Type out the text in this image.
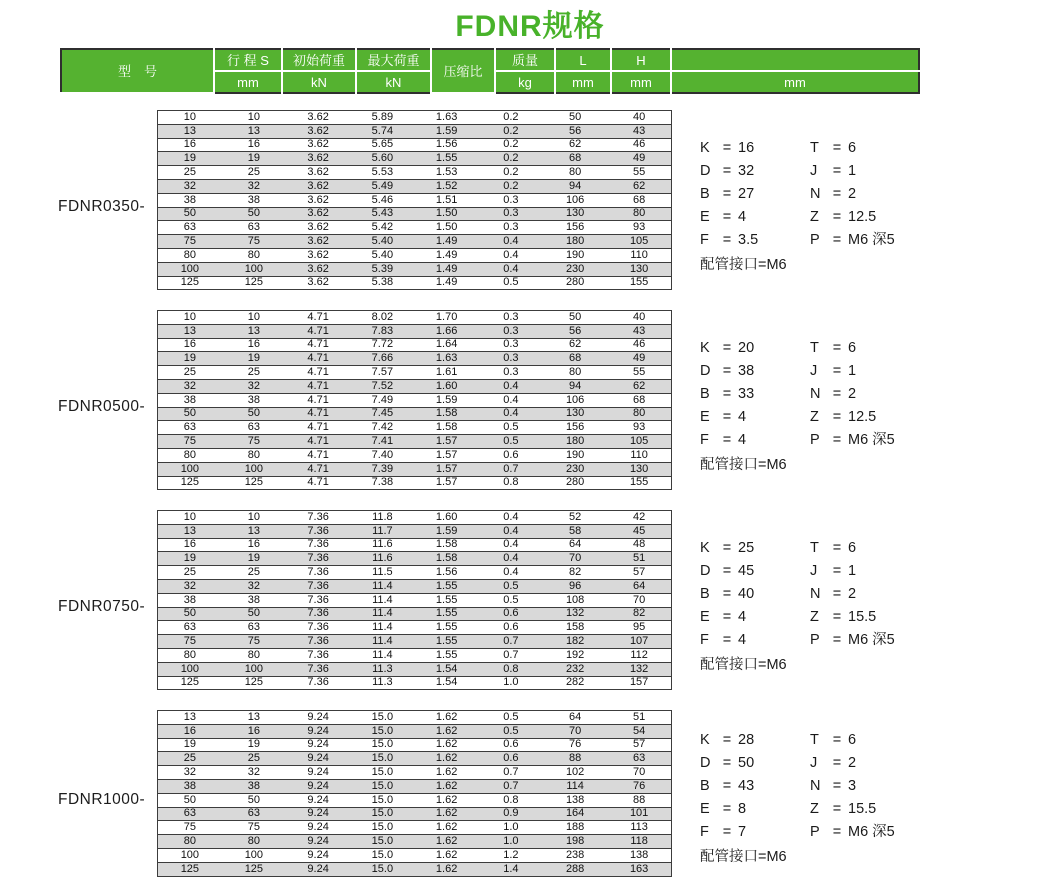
FDNR规格
型　号	行 程 S	初始荷重	最大荷重	压缩比	质量	L	H	
	mm	kN	kN		kg	mm	mm	mm
FDNR0350-
10	10	3.62	5.89	1.63	0.2	50	40
13	13	3.62	5.74	1.59	0.2	56	43
16	16	3.62	5.65	1.56	0.2	62	46
19	19	3.62	5.60	1.55	0.2	68	49
25	25	3.62	5.53	1.53	0.2	80	55
32	32	3.62	5.49	1.52	0.2	94	62
38	38	3.62	5.46	1.51	0.3	106	68
50	50	3.62	5.43	1.50	0.3	130	80
63	63	3.62	5.42	1.50	0.3	156	93
75	75	3.62	5.40	1.49	0.4	180	105
80	80	3.62	5.40	1.49	0.4	190	110
100	100	3.62	5.39	1.49	0.4	230	130
125	125	3.62	5.38	1.49	0.5	280	155
K = 16	T = 6
D = 32	J	= 1
B = 27	N = 2
E = 4	Z = 12.5
F = 3.5	P = M6 深5
配管接口=M6
FDNR0500-
10	10	4.71	8.02	1.70	0.3	50	40
13	13	4.71	7.83	1.66	0.3	56	43
16	16	4.71	7.72	1.64	0.3	62	46
19	19	4.71	7.66	1.63	0.3	68	49
25	25	4.71	7.57	1.61	0.3	80	55
32	32	4.71	7.52	1.60	0.4	94	62
38	38	4.71	7.49	1.59	0.4	106	68
50	50	4.71	7.45	1.58	0.4	130	80
63	63	4.71	7.42	1.58	0.5	156	93
75	75	4.71	7.41	1.57	0.5	180	105
80	80	4.71	7.40	1.57	0.6	190	110
100	100	4.71	7.39	1.57	0.7	230	130
125	125	4.71	7.38	1.57	0.8	280	155
K = 20	T = 6
D = 38	J	= 1
B = 33	N = 2
E = 4	Z = 12.5
F = 4	P = M6 深5
配管接口=M6
FDNR0750-
10	10	7.36	11.8	1.60	0.4	52	42
13	13	7.36	11.7	1.59	0.4	58	45
16	16	7.36	11.6	1.58	0.4	64	48
19	19	7.36	11.6	1.58	0.4	70	51
25	25	7.36	11.5	1.56	0.4	82	57
32	32	7.36	11.4	1.55	0.5	96	64
38	38	7.36	11.4	1.55	0.5	108	70
50	50	7.36	11.4	1.55	0.6	132	82
63	63	7.36	11.4	1.55	0.6	158	95
75	75	7.36	11.4	1.55	0.7	182	107
80	80	7.36	11.4	1.55	0.7	192	112
100	100	7.36	11.3	1.54	0.8	232	132
125	125	7.36	11.3	1.54	1.0	282	157
K = 25	T = 6
D = 45	J	= 1
B = 40	N = 2
E = 4	Z = 15.5
F = 4	P = M6 深5
配管接口=M6
FDNR1000-
13	13	9.24	15.0	1.62	0.5	64	51
16	16	9.24	15.0	1.62	0.5	70	54
19	19	9.24	15.0	1.62	0.6	76	57
25	25	9.24	15.0	1.62	0.6	88	63
32	32	9.24	15.0	1.62	0.7	102	70
38	38	9.24	15.0	1.62	0.7	114	76
50	50	9.24	15.0	1.62	0.8	138	88
63	63	9.24	15.0	1.62	0.9	164	101
75	75	9.24	15.0	1.62	1.0	188	113
80	80	9.24	15.0	1.62	1.0	198	118
100	100	9.24	15.0	1.62	1.2	238	138
125	125	9.24	15.0	1.62	1.4	288	163
K = 28	T = 6
D = 50	J	= 2
B = 43	N = 3
E = 8	Z = 15.5
F = 7	P = M6 深5
配管接口=M6
